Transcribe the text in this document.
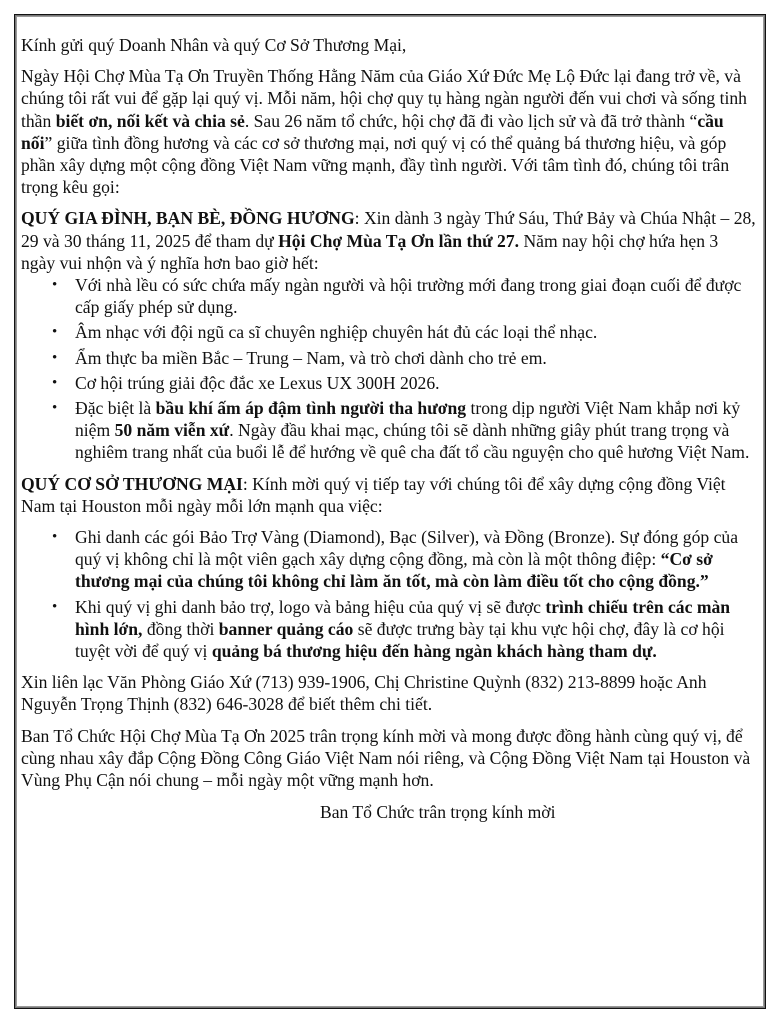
Kính gửi quý Doanh Nhân và quý Cơ Sở Thương Mại,

Ngày Hội Chợ Mùa Tạ Ơn Truyền Thống Hằng Năm của Giáo Xứ Đức Mẹ Lộ Đức lại đang trở về, và chúng tôi rất vui để gặp lại quý vị. Mỗi năm, hội chợ quy tụ hàng ngàn người đến vui chơi và sống tinh thần biết ơn, nối kết và chia sẻ. Sau 26 năm tổ chức, hội chợ đã đi vào lịch sử và đã trở thành “cầu nối” giữa tình đồng hương và các cơ sở thương mại, nơi quý vị có thể quảng bá thương hiệu, và góp phần xây dựng một cộng đồng Việt Nam vững mạnh, đầy tình người. Với tâm tình đó, chúng tôi trân trọng kêu gọi:

QUÝ GIA ĐÌNH, BẠN BÈ, ĐỒNG HƯƠNG: Xin dành 3 ngày Thứ Sáu, Thứ Bảy và Chúa Nhật – 28, 29 và 30 tháng 11, 2025 để tham dự Hội Chợ Mùa Tạ Ơn lần thứ 27. Năm nay hội chợ hứa hẹn 3 ngày vui nhộn và ý nghĩa hơn bao giờ hết:

• Với nhà lều có sức chứa mấy ngàn người và hội trường mới đang trong giai đoạn cuối để được cấp giấy phép sử dụng.
• Âm nhạc với đội ngũ ca sĩ chuyên nghiệp chuyên hát đủ các loại thể nhạc.
• Ẩm thực ba miền Bắc – Trung – Nam, và trò chơi dành cho trẻ em.
• Cơ hội trúng giải độc đắc xe Lexus UX 300H 2026.
• Đặc biệt là bầu khí ấm áp đậm tình người tha hương trong dịp người Việt Nam khắp nơi kỷ niệm 50 năm viễn xứ. Ngày đầu khai mạc, chúng tôi sẽ dành những giây phút trang trọng và nghiêm trang nhất của buổi lễ để hướng về quê cha đất tổ cầu nguyện cho quê hương Việt Nam.

QUÝ CƠ SỞ THƯƠNG MẠI: Kính mời quý vị tiếp tay với chúng tôi để xây dựng cộng đồng Việt Nam tại Houston mỗi ngày mỗi lớn mạnh qua việc:

• Ghi danh các gói Bảo Trợ Vàng (Diamond), Bạc (Silver), và Đồng (Bronze). Sự đóng góp của quý vị không chỉ là một viên gạch xây dựng cộng đồng, mà còn là một thông điệp: “Cơ sở thương mại của chúng tôi không chỉ làm ăn tốt, mà còn làm điều tốt cho cộng đồng.”
• Khi quý vị ghi danh bảo trợ, logo và bảng hiệu của quý vị sẽ được trình chiếu trên các màn hình lớn, đồng thời banner quảng cáo sẽ được trưng bày tại khu vực hội chợ, đây là cơ hội tuyệt vời để quý vị quảng bá thương hiệu đến hàng ngàn khách hàng tham dự.

Xin liên lạc Văn Phòng Giáo Xứ (713) 939-1906, Chị Christine Quỳnh (832) 213-8899 hoặc Anh Nguyễn Trọng Thịnh (832) 646-3028 để biết thêm chi tiết.

Ban Tổ Chức Hội Chợ Mùa Tạ Ơn 2025 trân trọng kính mời và mong được đồng hành cùng quý vị, để cùng nhau xây đắp Cộng Đồng Công Giáo Việt Nam nói riêng, và Cộng Đồng Việt Nam tại Houston và Vùng Phụ Cận nói chung – mỗi ngày một vững mạnh hơn.

Ban Tổ Chức trân trọng kính mời
